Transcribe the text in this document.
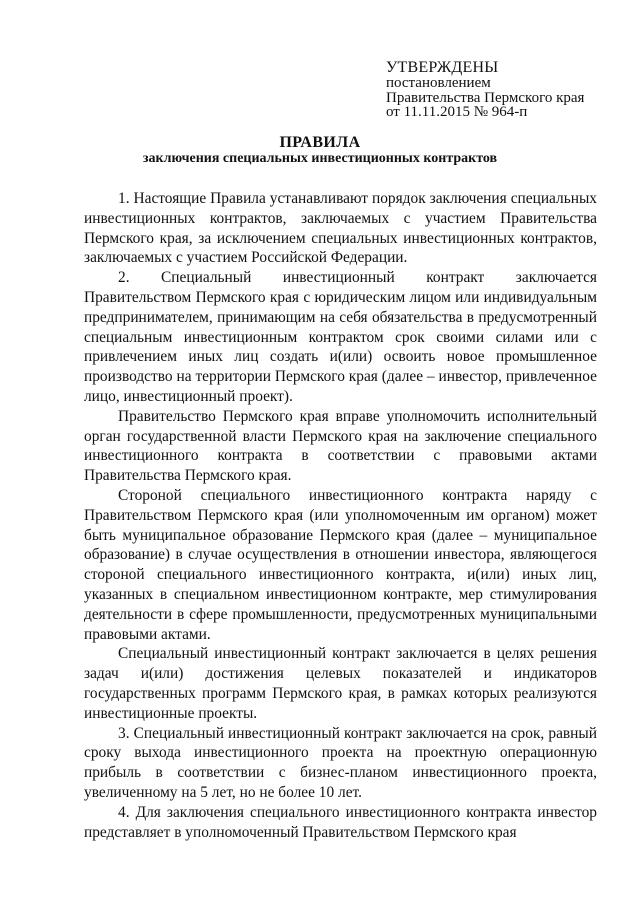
УТВЕРЖДЕНЫ
постановлением
Правительства Пермского края
от 11.11.2015 № 964-п
ПРАВИЛА
заключения специальных инвестиционных контрактов

1. Настоящие Правила устанавливают порядок заключения специальных инвестиционных контрактов, заключаемых с участием Правительства Пермского края, за исключением специальных инвестиционных контрактов, заключаемых с участием Российской Федерации.

2. Специальный инвестиционный контракт заключается Правительством Пермского края с юридическим лицом или индивидуальным предпринимателем, принимающим на себя обязательства в предусмотренный специальным инвестиционным контрактом срок своими силами или с привлечением иных лиц создать и(или) освоить новое промышленное производство на территории Пермского края (далее – инвестор, привлеченное лицо, инвестиционный проект).

Правительство Пермского края вправе уполномочить исполнительный орган государственной власти Пермского края на заключение специального инвестиционного контракта в соответствии с правовыми актами Правительства Пермского края.

Стороной специального инвестиционного контракта наряду с Правительством Пермского края (или уполномоченным им органом) может быть муниципальное образование Пермского края (далее – муниципальное образование) в случае осуществления в отношении инвестора, являющегося стороной специального инвестиционного контракта, и(или) иных лиц, указанных в специальном инвестиционном контракте, мер стимулирования деятельности в сфере промышленности, предусмотренных муниципальными правовыми актами.

Специальный инвестиционный контракт заключается в целях решения задач и(или) достижения целевых показателей и индикаторов государственных программ Пермского края, в рамках которых реализуются инвестиционные проекты.

3. Специальный инвестиционный контракт заключается на срок, равный сроку выхода инвестиционного проекта на проектную операционную прибыль в соответствии с бизнес-планом инвестиционного проекта, увеличенному на 5 лет, но не более 10 лет.

4. Для заключения специального инвестиционного контракта инвестор представляет в уполномоченный Правительством Пермского края
